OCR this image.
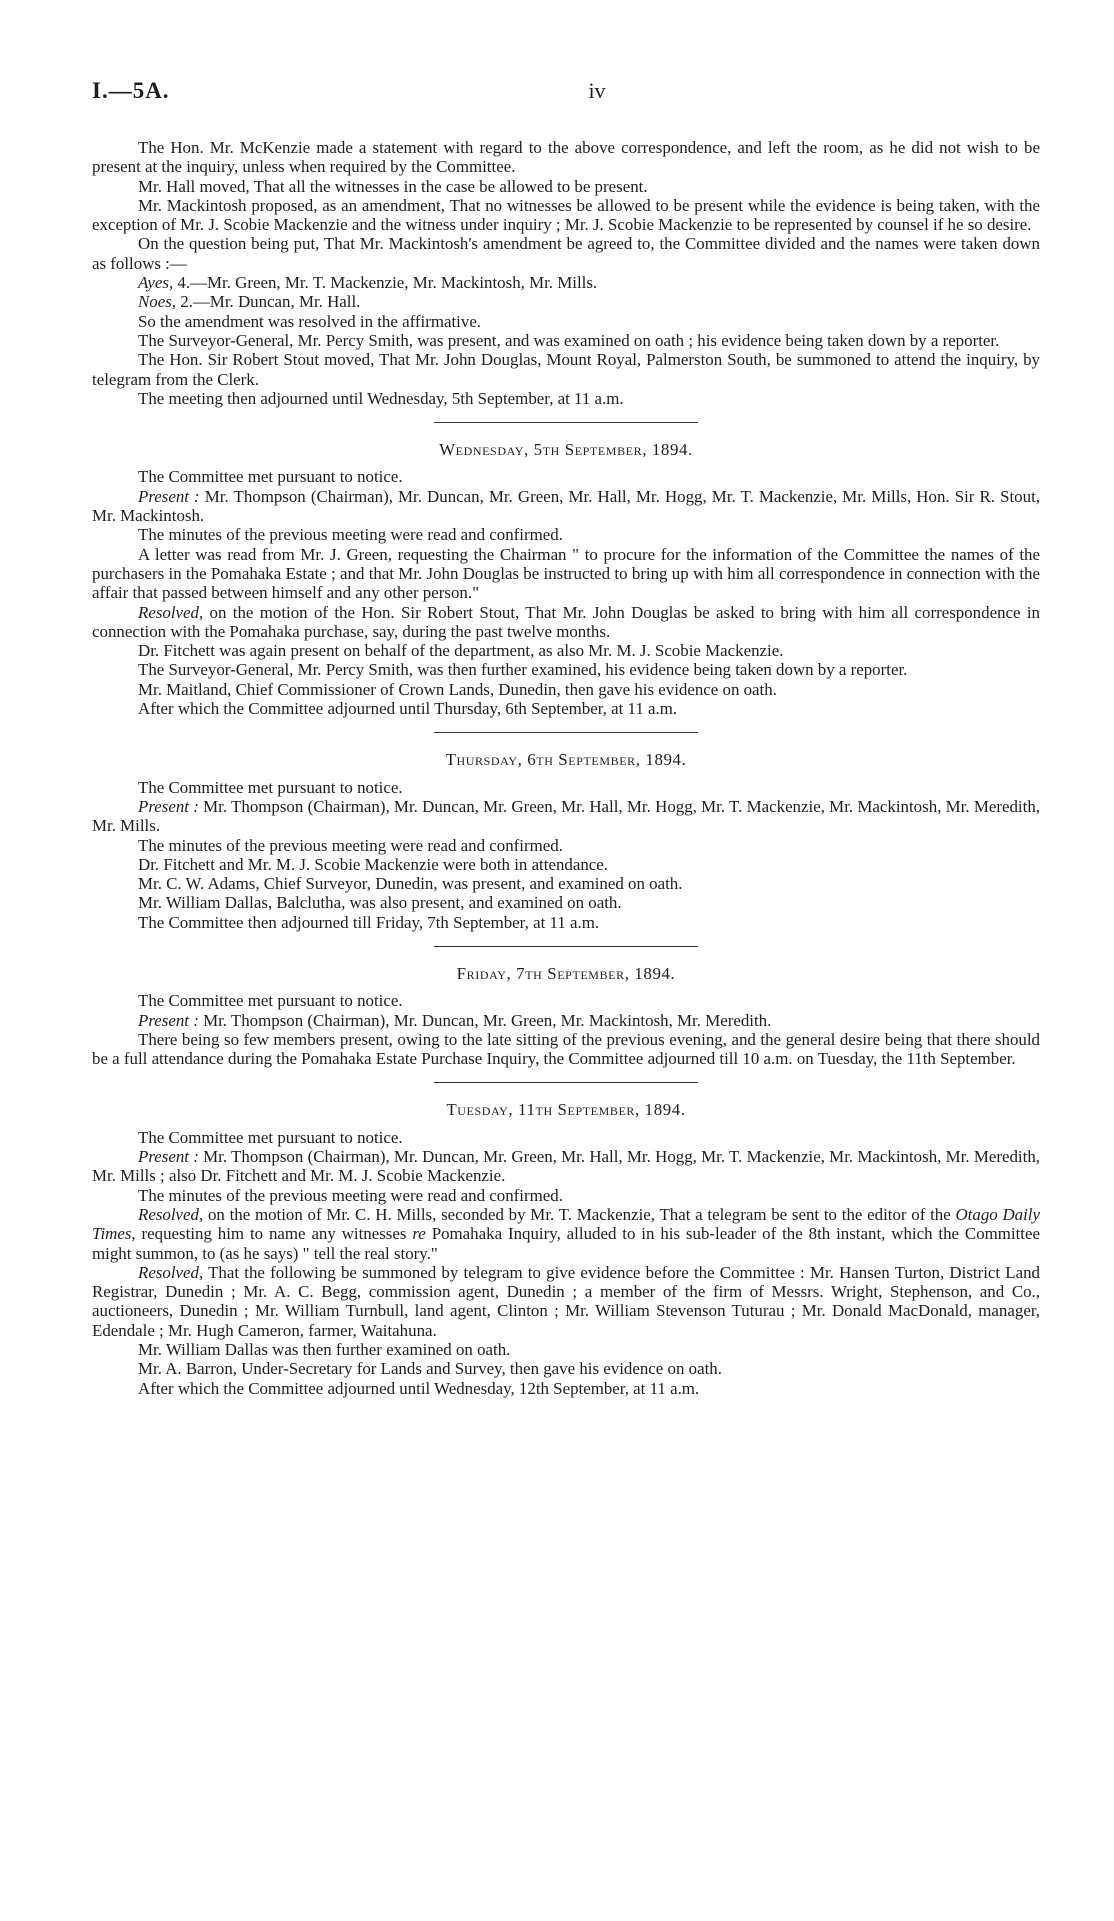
I.—5A.	iv

The Hon. Mr. McKenzie made a statement with regard to the above correspondence, and left the room, as he did not wish to be present at the inquiry, unless when required by the Committee.

Mr. Hall moved, That all the witnesses in the case be allowed to be present.

Mr. Mackintosh proposed, as an amendment, That no witnesses be allowed to be present while the evidence is being taken, with the exception of Mr. J. Scobie Mackenzie and the witness under inquiry ; Mr. J. Scobie Mackenzie to be represented by counsel if he so desire.

On the question being put, That Mr. Mackintosh's amendment be agreed to, the Committee divided and the names were taken down as follows :—

Ayes, 4.—Mr. Green, Mr. T. Mackenzie, Mr. Mackintosh, Mr. Mills.

Noes, 2.—Mr. Duncan, Mr. Hall.

So the amendment was resolved in the affirmative.

The Surveyor-General, Mr. Percy Smith, was present, and was examined on oath ; his evidence being taken down by a reporter.

The Hon. Sir Robert Stout moved, That Mr. John Douglas, Mount Royal, Palmerston South, be summoned to attend the inquiry, by telegram from the Clerk.

The meeting then adjourned until Wednesday, 5th September, at 11 a.m.

Wednesday, 5th September, 1894.

The Committee met pursuant to notice.

Present : Mr. Thompson (Chairman), Mr. Duncan, Mr. Green, Mr. Hall, Mr. Hogg, Mr. T. Mackenzie, Mr. Mills, Hon. Sir R. Stout, Mr. Mackintosh.

The minutes of the previous meeting were read and confirmed.

A letter was read from Mr. J. Green, requesting the Chairman " to procure for the information of the Committee the names of the purchasers in the Pomahaka Estate ; and that Mr. John Douglas be instructed to bring up with him all correspondence in connection with the affair that passed between himself and any other person."

Resolved, on the motion of the Hon. Sir Robert Stout, That Mr. John Douglas be asked to bring with him all correspondence in connection with the Pomahaka purchase, say, during the past twelve months.

Dr. Fitchett was again present on behalf of the department, as also Mr. M. J. Scobie Mackenzie.

The Surveyor-General, Mr. Percy Smith, was then further examined, his evidence being taken down by a reporter.

Mr. Maitland, Chief Commissioner of Crown Lands, Dunedin, then gave his evidence on oath.

After which the Committee adjourned until Thursday, 6th September, at 11 a.m.

Thursday, 6th September, 1894.

The Committee met pursuant to notice.

Present : Mr. Thompson (Chairman), Mr. Duncan, Mr. Green, Mr. Hall, Mr. Hogg, Mr. T. Mackenzie, Mr. Mackintosh, Mr. Meredith, Mr. Mills.

The minutes of the previous meeting were read and confirmed.

Dr. Fitchett and Mr. M. J. Scobie Mackenzie were both in attendance.

Mr. C. W. Adams, Chief Surveyor, Dunedin, was present, and examined on oath.

Mr. William Dallas, Balclutha, was also present, and examined on oath.

The Committee then adjourned till Friday, 7th September, at 11 a.m.

Friday, 7th September, 1894.

The Committee met pursuant to notice.

Present : Mr. Thompson (Chairman), Mr. Duncan, Mr. Green, Mr. Mackintosh, Mr. Meredith.

There being so few members present, owing to the late sitting of the previous evening, and the general desire being that there should be a full attendance during the Pomahaka Estate Purchase Inquiry, the Committee adjourned till 10 a.m. on Tuesday, the 11th September.

Tuesday, 11th September, 1894.

The Committee met pursuant to notice.

Present : Mr. Thompson (Chairman), Mr. Duncan, Mr. Green, Mr. Hall, Mr. Hogg, Mr. T. Mackenzie, Mr. Mackintosh, Mr. Meredith, Mr. Mills ; also Dr. Fitchett and Mr. M. J. Scobie Mackenzie.

The minutes of the previous meeting were read and confirmed.

Resolved, on the motion of Mr. C. H. Mills, seconded by Mr. T. Mackenzie, That a telegram be sent to the editor of the Otago Daily Times, requesting him to name any witnesses re Pomahaka Inquiry, alluded to in his sub-leader of the 8th instant, which the Committee might summon, to (as he says) " tell the real story."

Resolved, That the following be summoned by telegram to give evidence before the Committee : Mr. Hansen Turton, District Land Registrar, Dunedin ; Mr. A. C. Begg, commission agent, Dunedin ; a member of the firm of Messrs. Wright, Stephenson, and Co., auctioneers, Dunedin ; Mr. William Turnbull, land agent, Clinton ; Mr. William Stevenson Tuturau ; Mr. Donald MacDonald, manager, Edendale ; Mr. Hugh Cameron, farmer, Waitahuna.

Mr. William Dallas was then further examined on oath.

Mr. A. Barron, Under-Secretary for Lands and Survey, then gave his evidence on oath.

After which the Committee adjourned until Wednesday, 12th September, at 11 a.m.
